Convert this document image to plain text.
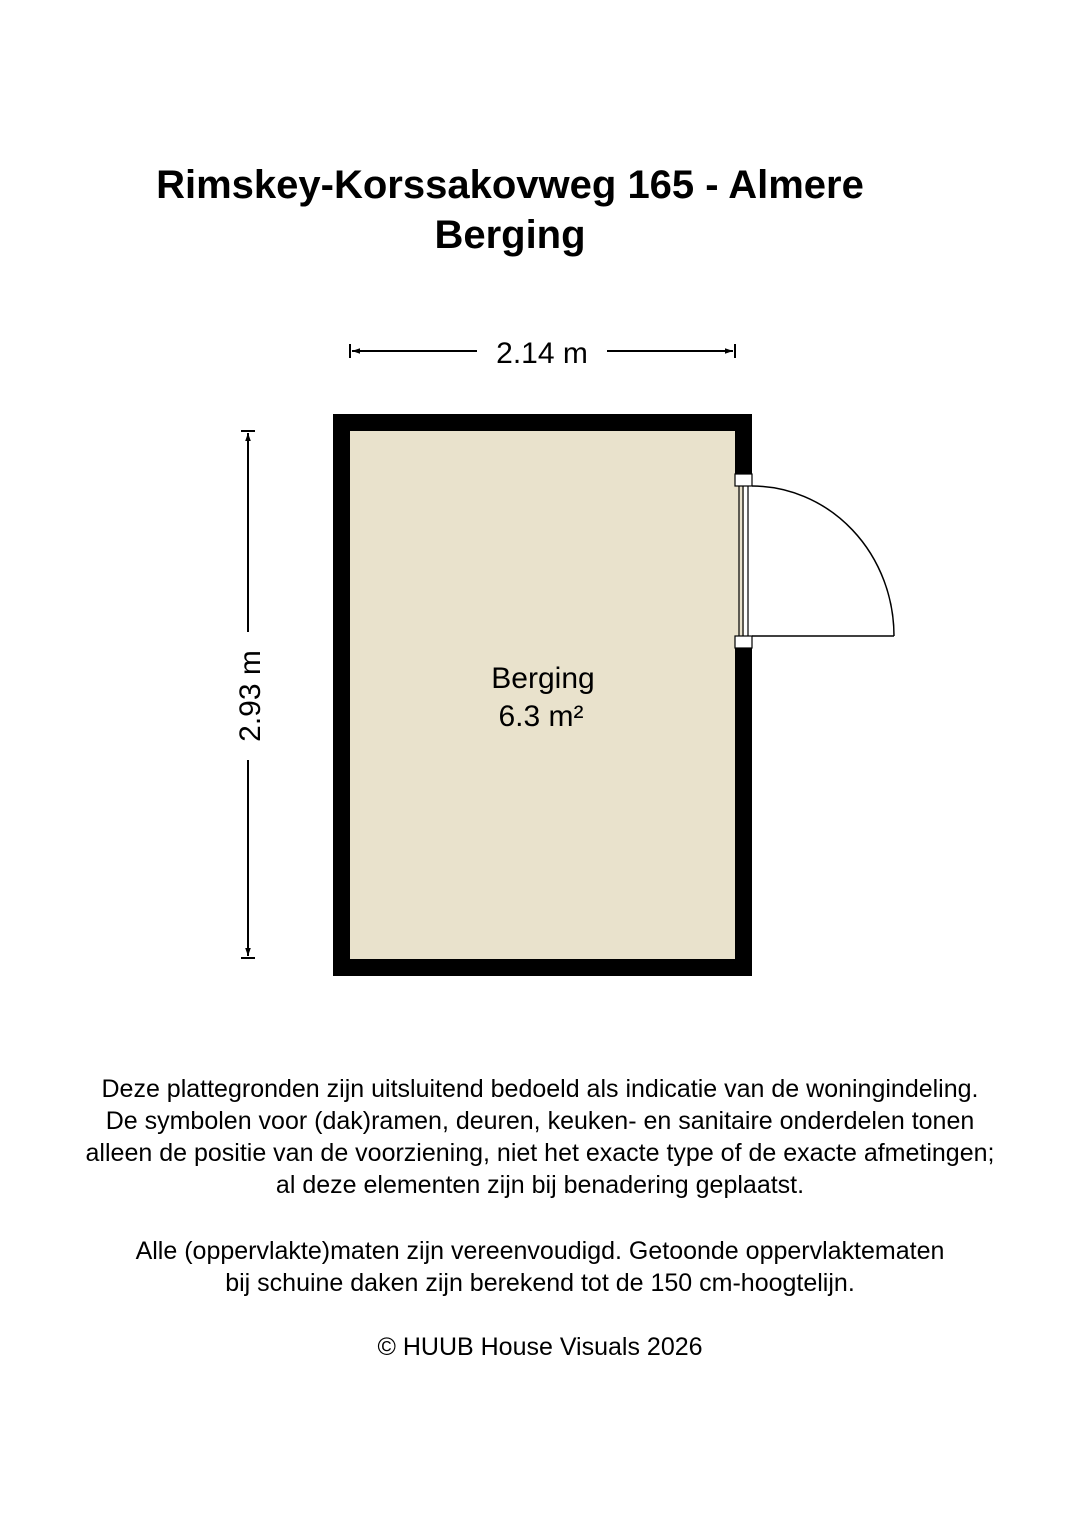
Rimskey-Korssakovweg 165 - Almere
Berging
2.14 m
2.93 m	Berging
6.3 m²
Deze plattegronden zijn uitsluitend bedoeld als indicatie van de woningindeling.
De symbolen voor (dak)ramen, deuren, keuken- en sanitaire onderdelen tonen
alleen de positie van de voorziening, niet het exacte type of de exacte afmetingen;
al deze elementen zijn bij benadering geplaatst.
Alle (oppervlakte)maten zijn vereenvoudigd. Getoonde oppervlaktematen
bij schuine daken zijn berekend tot de 150 cm-hoogtelijn.
© HUUB House Visuals 2026
